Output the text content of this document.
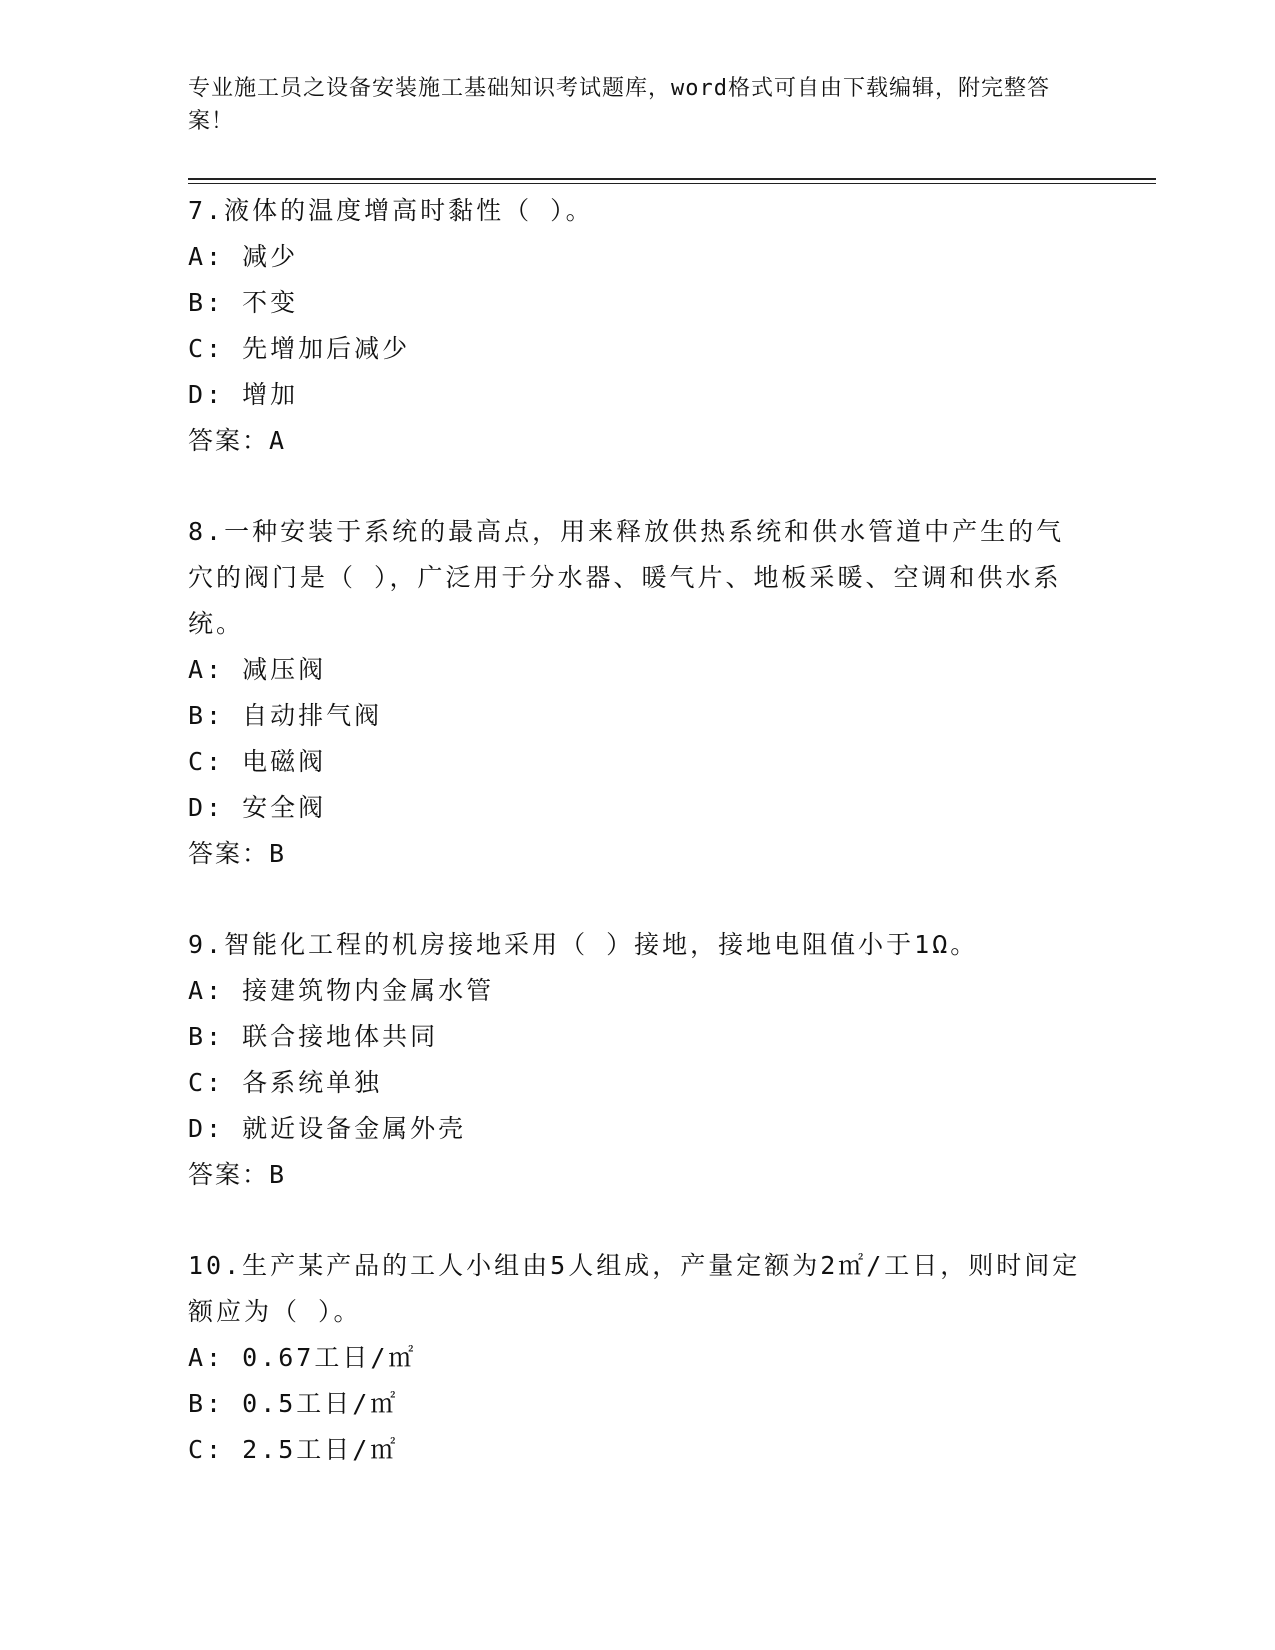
专业施工员之设备安装施工基础知识考试题库，word格式可自由下载编辑，附完整答案！
7.液体的温度增高时黏性（ ）。
A: 减少
B: 不变
C: 先增加后减少
D: 增加
答案：A
8.一种安装于系统的最高点，用来释放供热系统和供水管道中产生的气穴的阀门是（ ），广泛用于分水器、暖气片、地板采暖、空调和供水系统。
A: 减压阀
B: 自动排气阀
C: 电磁阀
D: 安全阀
答案：B
9.智能化工程的机房接地采用（ ）接地，接地电阻值小于1Ω。
A: 接建筑物内金属水管
B: 联合接地体共同
C: 各系统单独
D: 就近设备金属外壳
答案：B
10.生产某产品的工人小组由5人组成，产量定额为2㎡/工日，则时间定额应为（ ）。
A: 0.67工日/㎡
B: 0.5工日/㎡
C: 2.5工日/㎡
